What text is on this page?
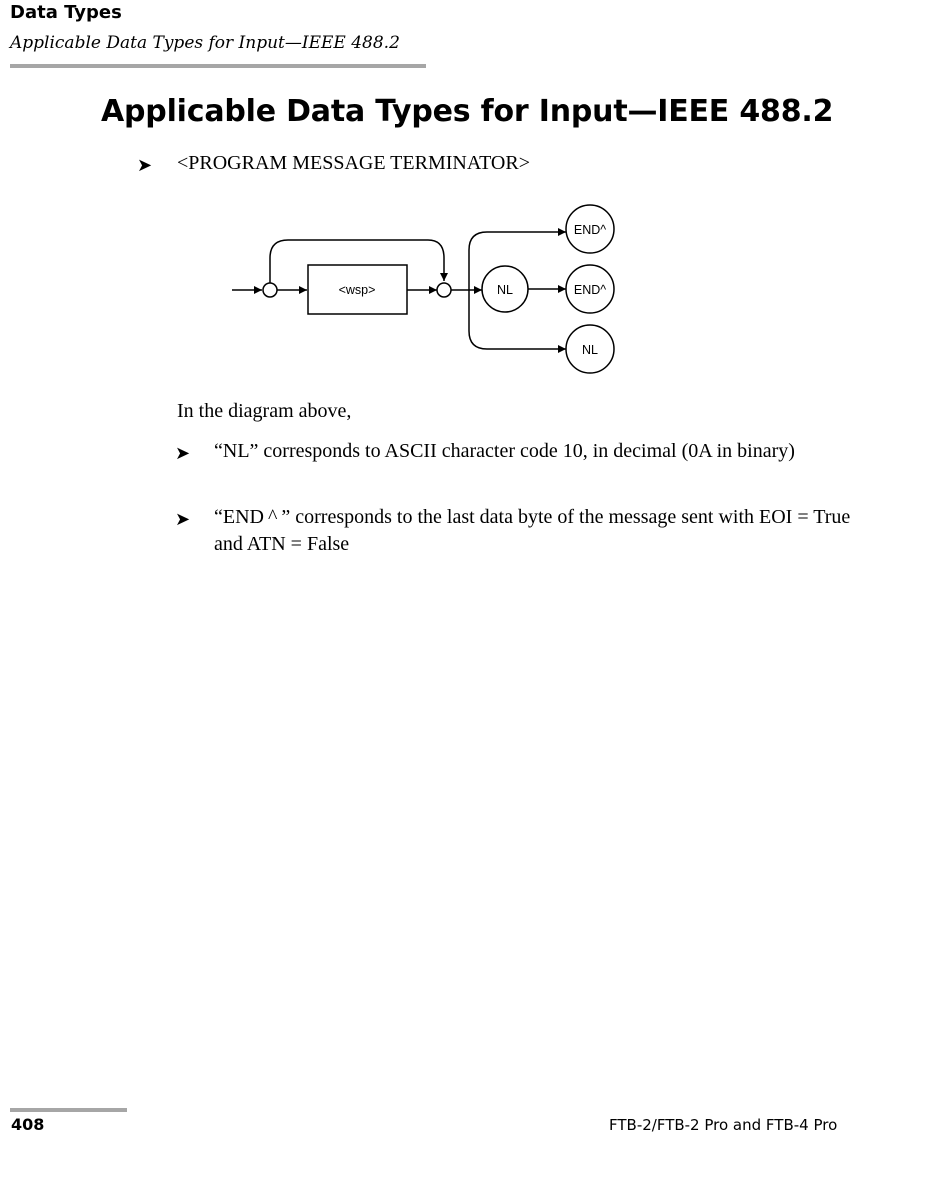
Data Types
Applicable Data Types for Input—IEEE 488.2
Applicable Data Types for Input—IEEE 488.2
➤ <PROGRAM MESSAGE TERMINATOR>

<wsp>	NL
END^
END^
NL

In the diagram above,

➤ “NL” corresponds to ASCII character code 10, in decimal (0A in binary)

➤ “END ^ ” corresponds to the last data byte of the message sent with EOI = True and ATN = False

408	FTB-2/FTB-2 Pro and FTB-4 Pro
